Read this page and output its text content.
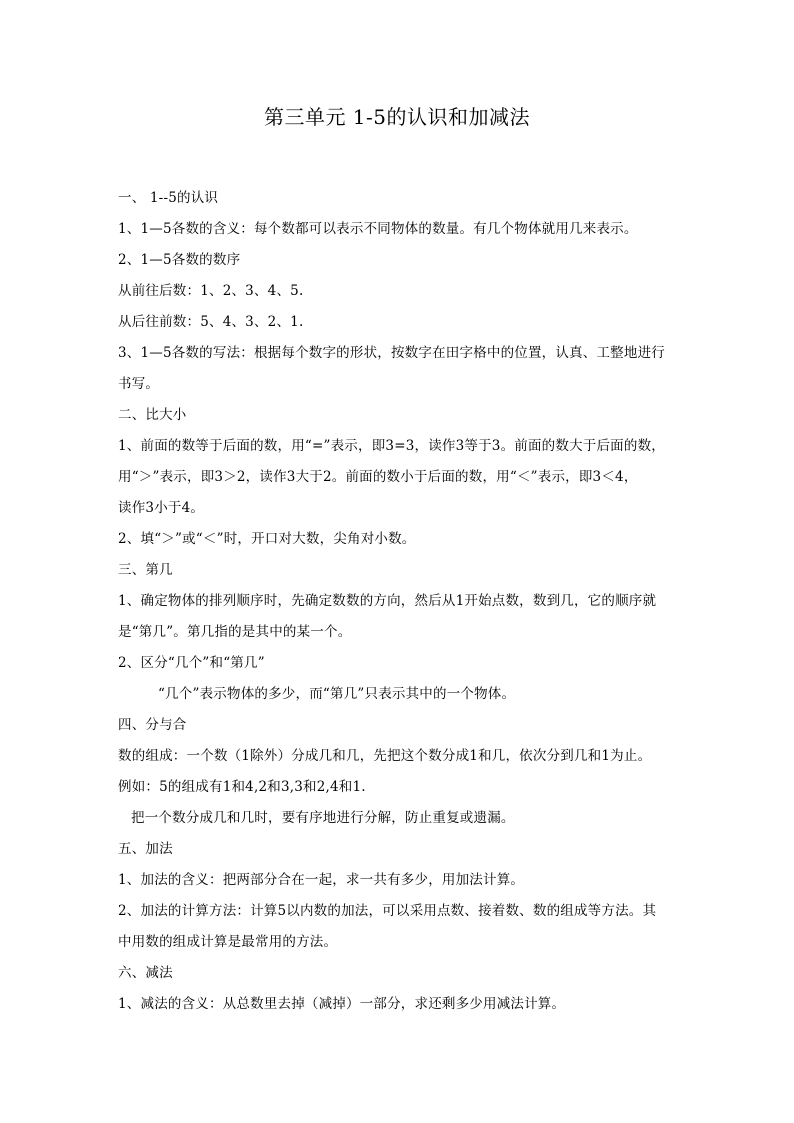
第三单元 1-5的认识和加减法
一、 1--5的认识
1、1—5各数的含义：每个数都可以表示不同物体的数量。有几个物体就用几来表示。
2、1—5各数的数序
从前往后数：1、2、3、4、5.
从后往前数：5、4、3、2、1.
3、1—5各数的写法：根据每个数字的形状，按数字在田字格中的位置，认真、工整地进行
书写。
二、比大小
1、前面的数等于后面的数，用“=”表示，即3=3，读作3等于3。前面的数大于后面的数，
用“＞”表示，即3＞2，读作3大于2。前面的数小于后面的数，用“＜”表示，即3＜4，
读作3小于4。
2、填“＞”或“＜”时，开口对大数，尖角对小数。
三、第几
1、确定物体的排列顺序时，先确定数数的方向，然后从1开始点数，数到几，它的顺序就
是“第几”。第几指的是其中的某一个。
2、区分“几个”和“第几”
“几个”表示物体的多少，而“第几”只表示其中的一个物体。
四、分与合
数的组成：一个数（1除外）分成几和几，先把这个数分成1和几，依次分到几和1为止。
例如：5的组成有1和4,2和3,3和2,4和1.
把一个数分成几和几时，要有序地进行分解，防止重复或遗漏。
五、加法
1、加法的含义：把两部分合在一起，求一共有多少，用加法计算。
2、加法的计算方法：计算5以内数的加法，可以采用点数、接着数、数的组成等方法。其
中用数的组成计算是最常用的方法。
六、减法
1、减法的含义：从总数里去掉（减掉）一部分，求还剩多少用减法计算。
